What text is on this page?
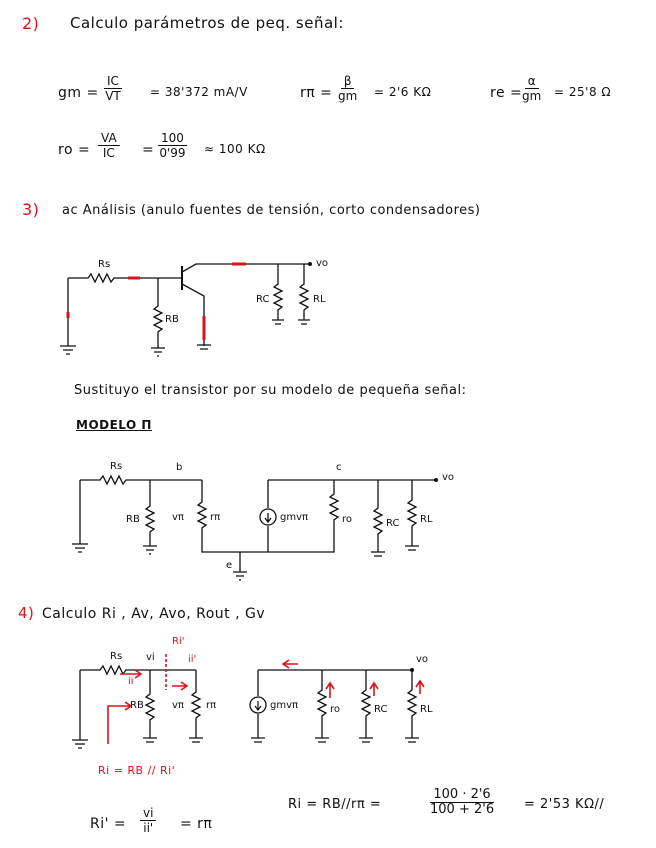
2) Calculo parámetros de peq. señal:
gm = $\frac{IC}{VT} = 38'372$ mA/V	$r\pi = \frac{\beta}{gm} = 2'6$ KΩ	re = $\frac{\alpha}{gm} = 25'8$ Ω
ro = $\frac{VA}{IC} = \frac{100}{0'99} \approx 100$ KΩ
3) ac Análisis (anulo fuentes de tensión, corto condensadores)
Rs
RB
RC	RL
vo
Sustituyo el transistor por su modelo de pequeña señal:
MODELO Π
Rs	b	c
e
RB	vπ	rπ	gmvπ	ro	RC RL
vo
4) Calculo Ri , Av, Avo, Rout , Gv
Rs vi
Ri'
ii'
ii
RB	vπ rπ	gmvπ	ro	RC	RL
vo
Ri = RB // Ri'
$Ri' = \frac{vi}{ii'} = r\pi$
Ri = RB//rπ =	$\frac{100 \cdot 2'6}{100 + 2'6} = 2'53$ KΩ//
